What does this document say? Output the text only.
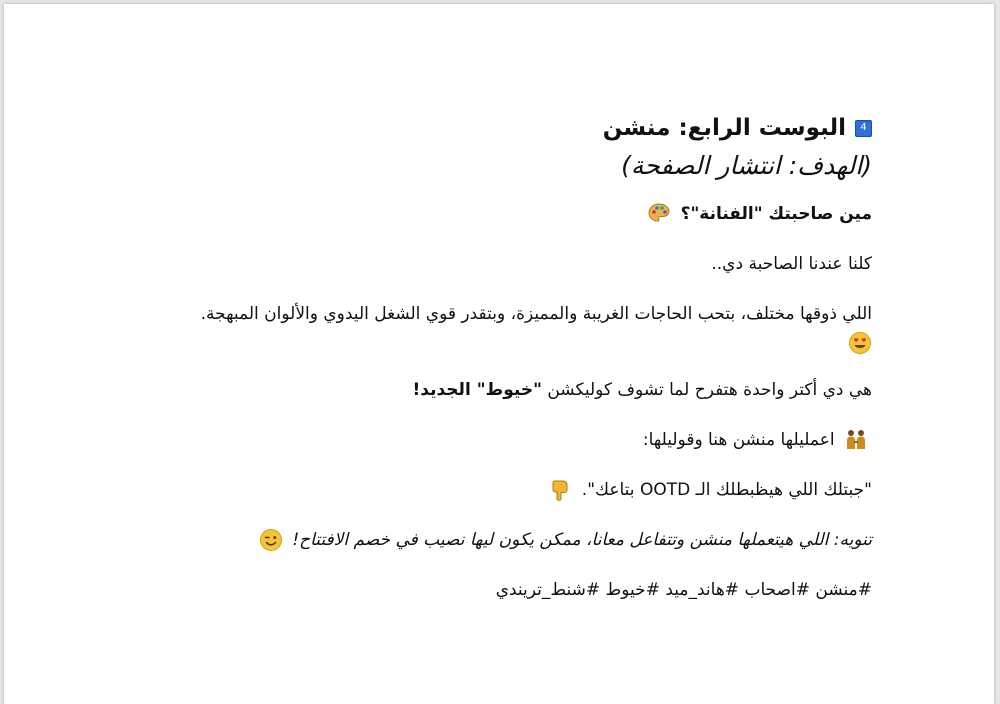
4
البوست الرابع: منشن

(الهدف: انتشار الصفحة)

مين صاحبتك "الفنانة"؟

كلنا عندنا الصاحبة دي..

اللي ذوقها مختلف، بتحب الحاجات الغريبة والمميزة، وبتقدر قوي الشغل اليدوي والألوان المبهجة.

هي دي أكتر واحدة هتفرح لما تشوف كوليكشن "خيوط" الجديد!

اعمليلها منشن هنا وقوليلها:

"جبتلك اللي هيظبطلك الـ OOTD بتاعك".

تنويه: اللي هيتعملها منشن وتتفاعل معانا، ممكن يكون ليها نصيب في خصم الافتتاح!

#منشن #اصحاب #هاند_ميد #خيوط #شنط_تريندي
